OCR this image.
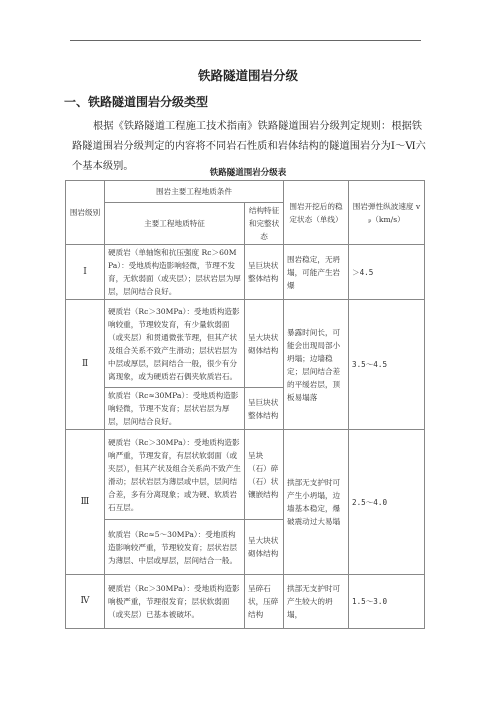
铁路隧道围岩分级
一、铁路隧道围岩分级类型
根据《铁路隧道工程施工技术指南》铁路隧道围岩分级判定规则：根据铁路隧道围岩分级判定的内容将不同岩石性质和岩体结构的隧道围岩分为Ⅰ～Ⅵ六个基本级别。
铁路隧道围岩分级表
围岩级别	围岩主要工程地质条件		围岩开挖后的稳定状态（单线）	围岩弹性纵波速度 vₚ（km/s）
	主要工程地质特征	结构特征和完整状态		
Ⅰ	硬质岩（单轴饱和抗压强度 Rc＞60MPa）：受地质构造影响轻微，节理不发育，无软弱面（或夹层）；层状岩层为厚层，层间结合良好。	呈巨块状整体结构	围岩稳定，无坍塌，可能产生岩爆	＞4.5
Ⅱ	硬质岩（Rc＞30MPa）：受地质构造影响较重，节理较发育，有少量软弱面（或夹层）和贯通微张节理，但其产状及组合关系不致产生滑动；层状岩层为中层或厚层，层间结合一般，很少有分离现象，或为硬质岩石偶夹软质岩石。	呈大块状砌体结构	暴露时间长，可能会出现局部小坍塌；边墙稳定；层间结合差的平缓岩层，顶板易塌落	3.5～4.5
	软质岩（Rc≈30MPa）：受地质构造影响轻微，节理不发育；层状岩层为厚层，层间结合良好。	呈巨块状整体结构		
Ⅲ	硬质岩（Rc＞30MPa）：受地质构造影响严重，节理发育，有层状软弱面（或夹层），但其产状及组合关系尚不致产生滑动；层状岩层为薄层或中层，层间结合差，多有分离现象；或为硬、软质岩石互层。	呈块（石）碎（石）状镶嵌结构	拱部无支护时可产生小坍塌，边墙基本稳定，爆破震动过大易塌	2.5～4.0
	软质岩（Rc≈5～30MPa）：受地质构造影响较严重，节理较发育；层状岩层为薄层、中层或厚层，层间结合一般。	呈大块状砌体结构		
Ⅳ	硬质岩（Rc＞30MPa）：受地质构造影响极严重，节理很发育；层状软弱面（或夹层）已基本被破坏。	呈碎石状，压碎结构	拱部无支护时可产生较大的坍塌，	1.5～3.0
